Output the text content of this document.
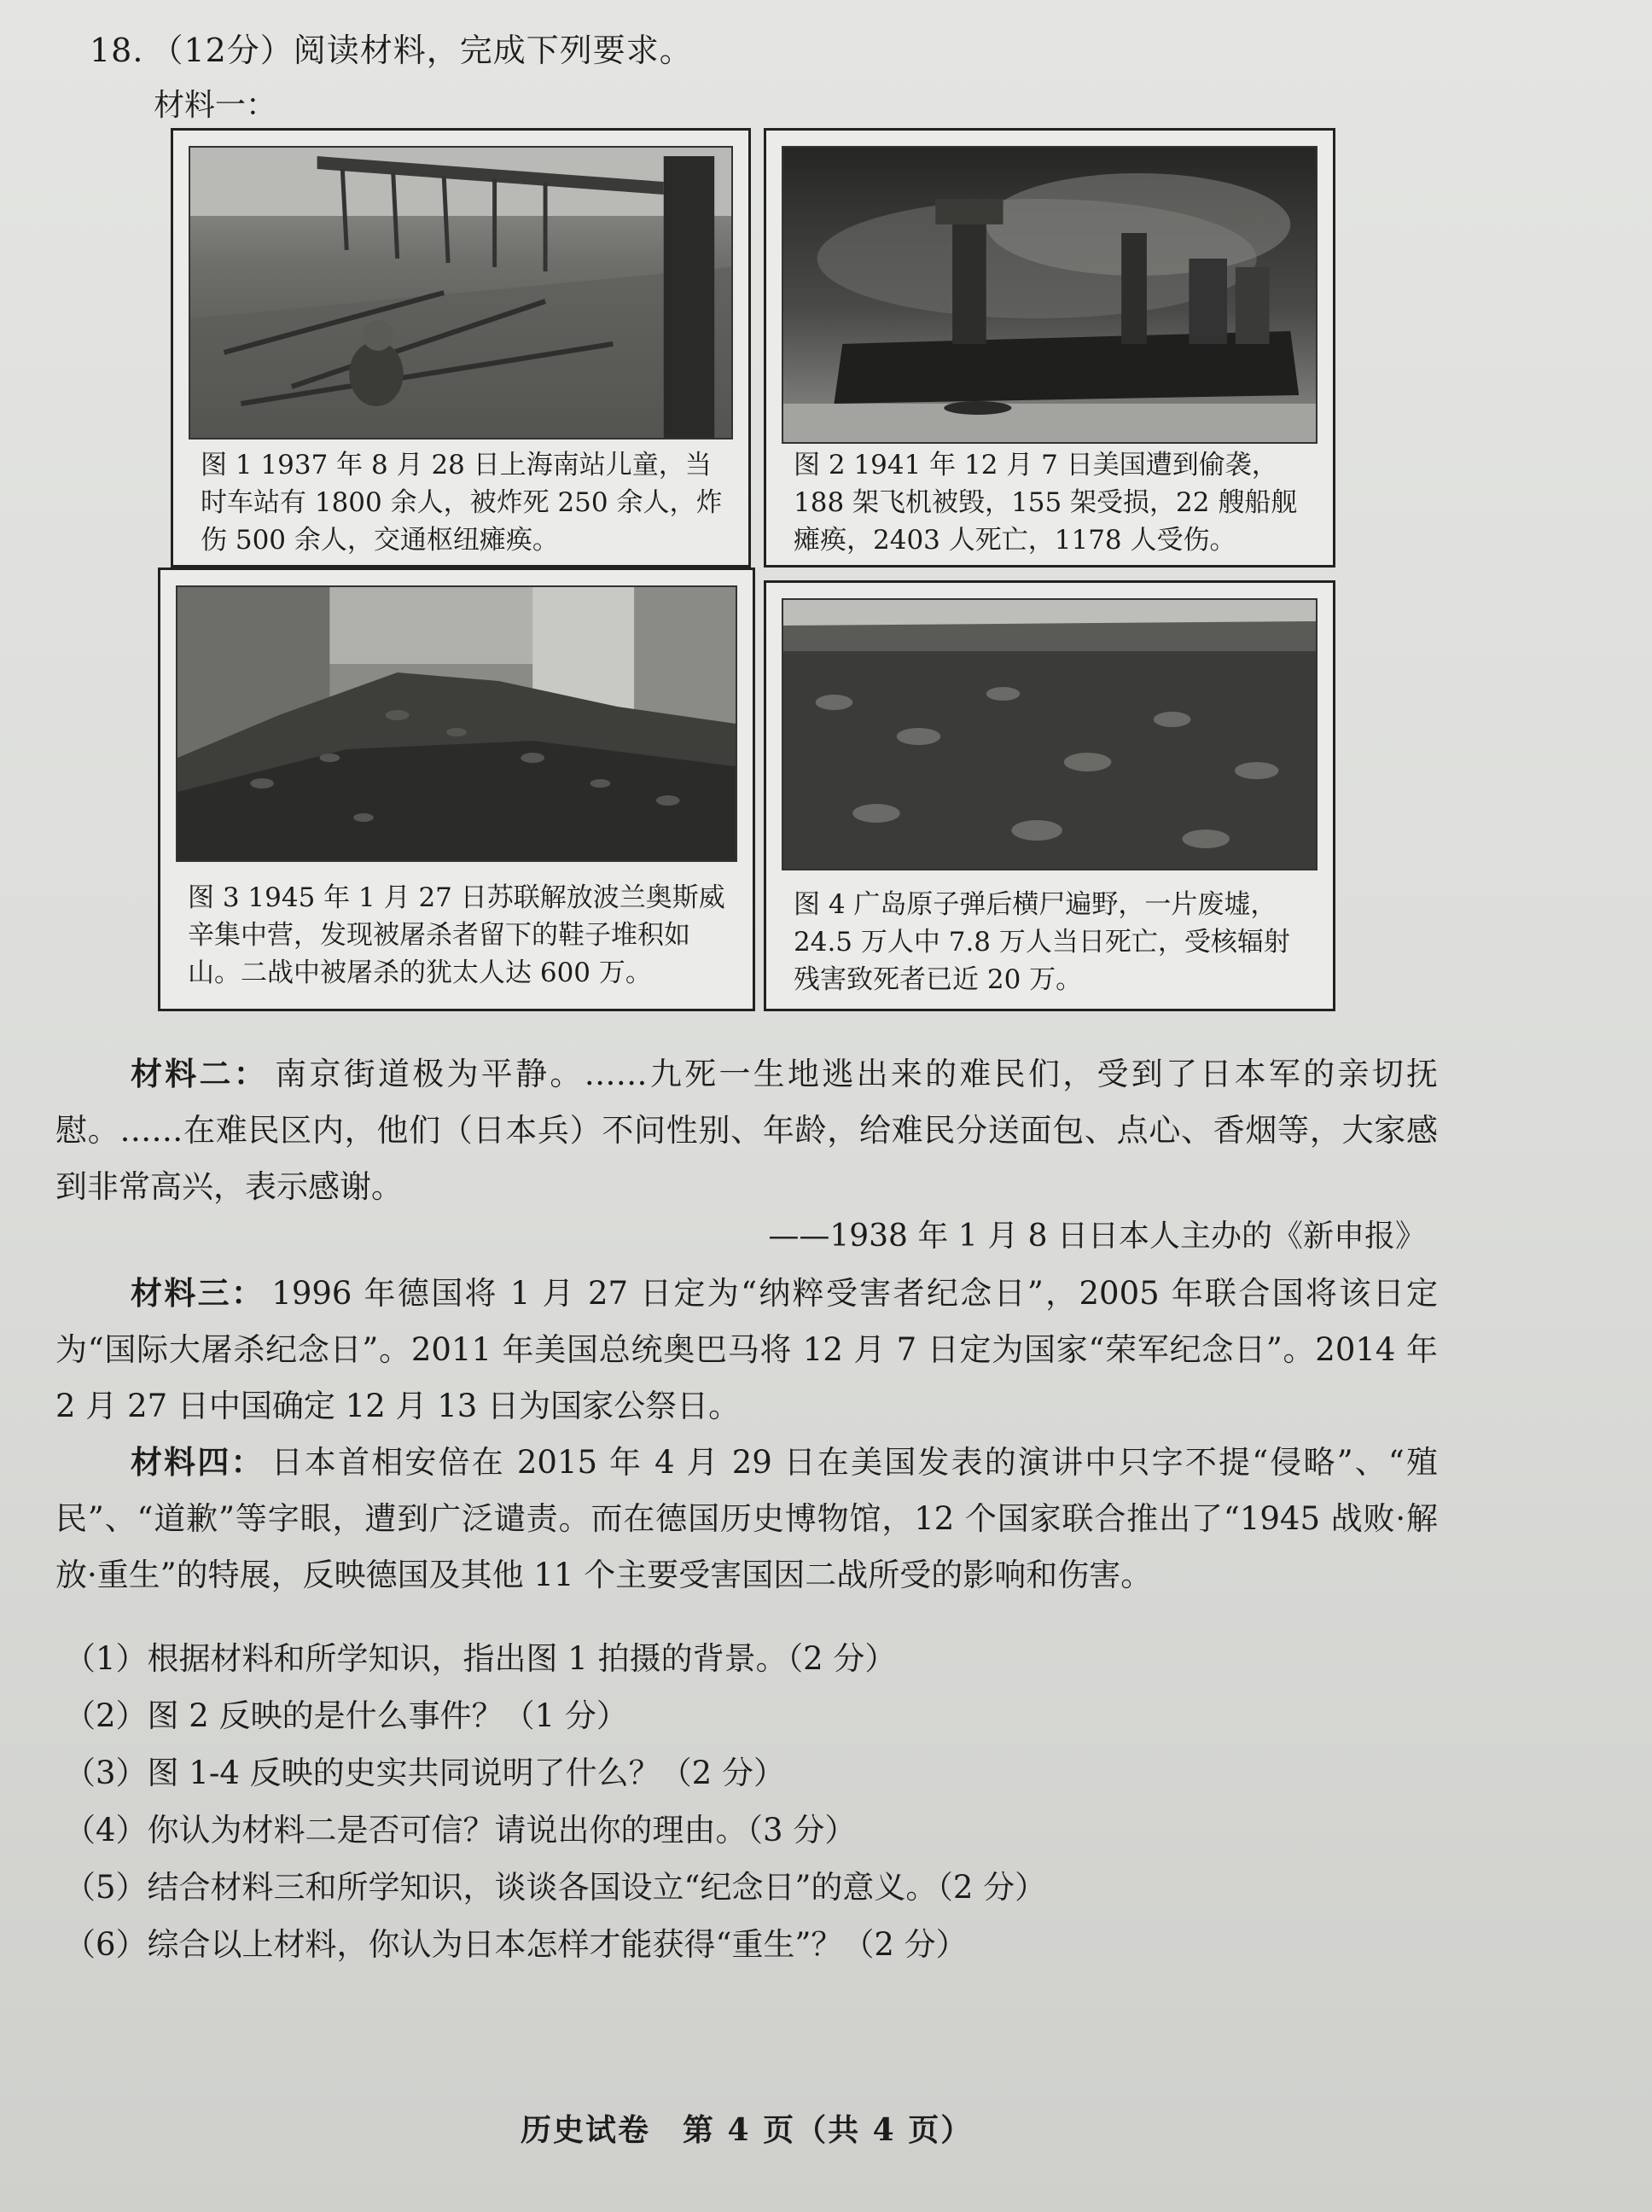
18. （12分）阅读材料，完成下列要求。
材料一：
图 1 1937 年 8 月 28 日上海南站儿童，当时车站有 1800 余人，被炸死 250 余人，炸伤 500 余人，交通枢纽瘫痪。
图 2 1941 年 12 月 7 日美国遭到偷袭，188 架飞机被毁，155 架受损，22 艘船舰瘫痪，2403 人死亡，1178 人受伤。
图 3 1945 年 1 月 27 日苏联解放波兰奥斯威辛集中营，发现被屠杀者留下的鞋子堆积如山。二战中被屠杀的犹太人达 600 万。
图 4 广岛原子弹后横尸遍野，一片废墟，24.5 万人中 7.8 万人当日死亡，受核辐射残害致死者已近 20 万。
材料二： 南京街道极为平静。……九死一生地逃出来的难民们，受到了日本军的亲切抚慰。……在难民区内，他们（日本兵）不问性别、年龄，给难民分送面包、点心、香烟等，大家感到非常高兴，表示感谢。
——1938 年 1 月 8 日日本人主办的《新申报》
材料三： 1996 年德国将 1 月 27 日定为“纳粹受害者纪念日”，2005 年联合国将该日定为“国际大屠杀纪念日”。2011 年美国总统奥巴马将 12 月 7 日定为国家“荣军纪念日”。2014 年 2 月 27 日中国确定 12 月 13 日为国家公祭日。
材料四： 日本首相安倍在 2015 年 4 月 29 日在美国发表的演讲中只字不提“侵略”、“殖民”、“道歉”等字眼，遭到广泛谴责。而在德国历史博物馆，12 个国家联合推出了“1945 战败·解放·重生”的特展，反映德国及其他 11 个主要受害国因二战所受的影响和伤害。
（1）根据材料和所学知识，指出图 1 拍摄的背景。（2 分）
（2）图 2 反映的是什么事件？（1 分）
（3）图 1-4 反映的史实共同说明了什么？（2 分）
（4）你认为材料二是否可信？请说出你的理由。（3 分）
（5）结合材料三和所学知识，谈谈各国设立“纪念日”的意义。（2 分）
（6）综合以上材料，你认为日本怎样才能获得“重生”？（2 分）
历史试卷　第 4 页（共 4 页）
